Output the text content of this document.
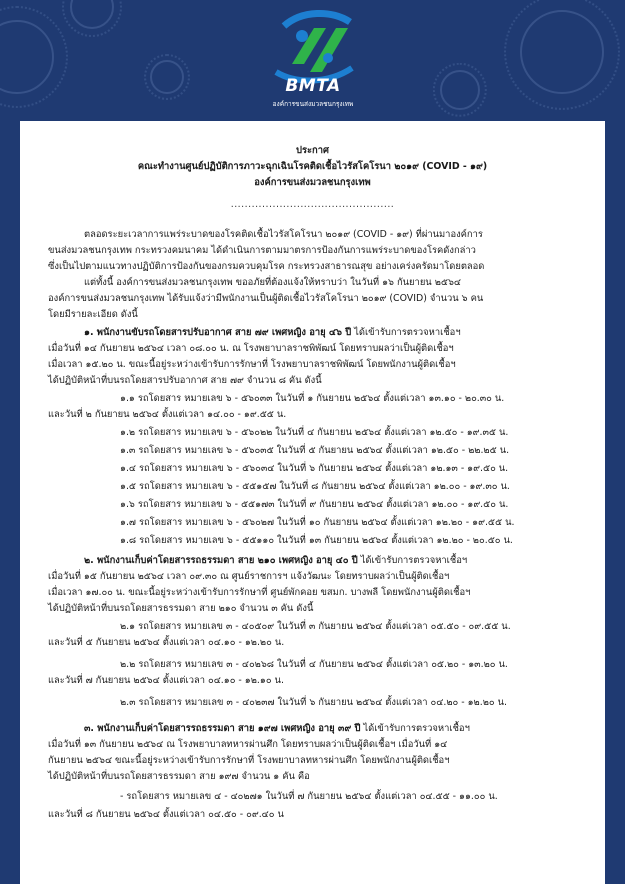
BMTA
องค์การขนส่งมวลชนกรุงเทพ
ประกาศ
คณะทำงานศูนย์ปฏิบัติการภาวะฉุกเฉินโรคติดเชื้อไวรัสโคโรนา ๒๐๑๙ (COVID - ๑๙)
องค์การขนส่งมวลชนกรุงเทพ
...............................................
ตลอดระยะเวลาการแพร่ระบาดของโรคติดเชื้อไวรัสโคโรนา ๒๐๑๙ (COVID - ๑๙) ที่ผ่านมาองค์การ
ขนส่งมวลชนกรุงเทพ กระทรวงคมนาคม ได้ดำเนินการตามมาตรการป้องกันการแพร่ระบาดของโรคดังกล่าว
ซึ่งเป็นไปตามแนวทางปฏิบัติการป้องกันของกรมควบคุมโรค กระทรวงสาธารณสุข อย่างเคร่งครัดมาโดยตลอด
แต่ทั้งนี้ องค์การขนส่งมวลชนกรุงเทพ ขออภัยที่ต้องแจ้งให้ทราบว่า ในวันที่ ๑๖ กันยายน ๒๕๖๔
องค์การขนส่งมวลชนกรุงเทพ ได้รับแจ้งว่ามีพนักงานเป็นผู้ติดเชื้อไวรัสโคโรนา ๒๐๑๙ (COVID) จำนวน ๖ คน
โดยมีรายละเอียด ดังนี้
๑. พนักงานขับรถโดยสารปรับอากาศ สาย ๗๙ เพศหญิง อายุ ๔๖ ปี ได้เข้ารับการตรวจหาเชื้อฯ
เมื่อวันที่ ๑๔ กันยายน ๒๕๖๔ เวลา ๐๘.๐๐ น. ณ โรงพยาบาลราชพิพัฒน์ โดยทราบผลว่าเป็นผู้ติดเชื้อฯ
เมื่อเวลา ๑๕.๒๐ น. ขณะนี้อยู่ระหว่างเข้ารับการรักษาที่ โรงพยาบาลราชพิพัฒน์ โดยพนักงานผู้ติดเชื้อฯ
ได้ปฏิบัติหน้าที่บนรถโดยสารปรับอากาศ สาย ๗๙ จำนวน ๘ คัน ดังนี้
๑.๑ รถโดยสาร หมายเลข ๖ - ๕๖๐๓๓ ในวันที่ ๑ กันยายน ๒๕๖๔ ตั้งแต่เวลา ๑๓.๑๐ - ๒๐.๓๐ น.
และวันที่ ๒ กันยายน ๒๕๖๔ ตั้งแต่เวลา ๑๔.๐๐ - ๑๙.๕๕ น.
๑.๒ รถโดยสาร หมายเลข ๖ - ๕๖๐๒๒ ในวันที่ ๔ กันยายน ๒๕๖๔ ตั้งแต่เวลา ๑๒.๕๐ - ๑๙.๓๕ น.
๑.๓ รถโดยสาร หมายเลข ๖ - ๕๖๐๓๕ ในวันที่ ๕ กันยายน ๒๕๖๔ ตั้งแต่เวลา ๑๒.๕๐ - ๒๒.๒๕ น.
๑.๔ รถโดยสาร หมายเลข ๖ - ๕๖๐๓๔ ในวันที่ ๖ กันยายน ๒๕๖๔ ตั้งแต่เวลา ๑๒.๑๓ - ๑๙.๕๐ น.
๑.๕ รถโดยสาร หมายเลข ๖ - ๕๕๑๕๗ ในวันที่ ๘ กันยายน ๒๕๖๔ ตั้งแต่เวลา ๑๒.๐๐ - ๑๙.๓๐ น.
๑.๖ รถโดยสาร หมายเลข ๖ - ๕๕๑๗๓ ในวันที่ ๙ กันยายน ๒๕๖๔ ตั้งแต่เวลา ๑๒.๐๐ - ๑๙.๕๐ น.
๑.๗ รถโดยสาร หมายเลข ๖ - ๕๖๐๒๗ ในวันที่ ๑๐ กันยายน ๒๕๖๔ ตั้งแต่เวลา ๑๒.๒๐ - ๑๙.๕๕ น.
๑.๘ รถโดยสาร หมายเลข ๖ - ๕๕๑๑๐ ในวันที่ ๑๓ กันยายน ๒๕๖๔ ตั้งแต่เวลา ๑๒.๒๐ - ๒๐.๕๐ น.
๒. พนักงานเก็บค่าโดยสารรถธรรมดา สาย ๒๑๐ เพศหญิง อายุ ๔๐ ปี ได้เข้ารับการตรวจหาเชื้อฯ
เมื่อวันที่ ๑๕ กันยายน ๒๕๖๔ เวลา ๐๙.๓๐ ณ ศูนย์ราชการฯ แจ้งวัฒนะ โดยทราบผลว่าเป็นผู้ติดเชื้อฯ
เมื่อเวลา ๑๗.๐๐ น. ขณะนี้อยู่ระหว่างเข้ารับการรักษาที่ ศูนย์พักคอย ขสมก. บางพลี โดยพนักงานผู้ติดเชื้อฯ
ได้ปฏิบัติหน้าที่บนรถโดยสารธรรมดา สาย ๒๑๐ จำนวน ๓ คัน ดังนี้
๒.๑ รถโดยสาร หมายเลข ๓ - ๔๐๕๐๙ ในวันที่ ๓ กันยายน ๒๕๖๔ ตั้งแต่เวลา ๐๕.๕๐ - ๐๙.๕๕ น.
และวันที่ ๕ กันยายน ๒๕๖๔ ตั้งแต่เวลา ๐๔.๑๐ - ๑๒.๒๐ น.
๒.๒ รถโดยสาร หมายเลข ๓ - ๔๐๒๖๘ ในวันที่ ๔ กันยายน ๒๕๖๔ ตั้งแต่เวลา ๐๕.๒๐ - ๑๓.๒๐ น.
และวันที่ ๗ กันยายน ๒๕๖๔ ตั้งแต่เวลา ๐๔.๑๐ - ๑๒.๑๐ น.
๒.๓ รถโดยสาร หมายเลข ๓ - ๔๐๒๓๗ ในวันที่ ๖ กันยายน ๒๕๖๔ ตั้งแต่เวลา ๐๔.๒๐ - ๑๒.๒๐ น.
๓. พนักงานเก็บค่าโดยสารรถธรรมดา สาย ๑๙๗ เพศหญิง อายุ ๓๙ ปี ได้เข้ารับการตรวจหาเชื้อฯ
เมื่อวันที่ ๑๓ กันยายน ๒๕๖๔ ณ โรงพยาบาลทหารผ่านศึก โดยทราบผลว่าเป็นผู้ติดเชื้อฯ เมื่อวันที่ ๑๔
กันยายน ๒๕๖๔ ขณะนี้อยู่ระหว่างเข้ารับการรักษาที่ โรงพยาบาลทหารผ่านศึก โดยพนักงานผู้ติดเชื้อฯ
ได้ปฏิบัติหน้าที่บนรถโดยสารธรรมดา สาย ๑๙๗ จำนวน ๑ คัน คือ
- รถโดยสาร หมายเลข ๔ - ๔๐๒๗๑ ในวันที่ ๗ กันยายน ๒๕๖๔ ตั้งแต่เวลา ๐๔.๕๕ - ๑๑.๐๐ น.
และวันที่ ๘ กันยายน ๒๕๖๔ ตั้งแต่เวลา ๐๔.๕๐ - ๐๙.๔๐ น
